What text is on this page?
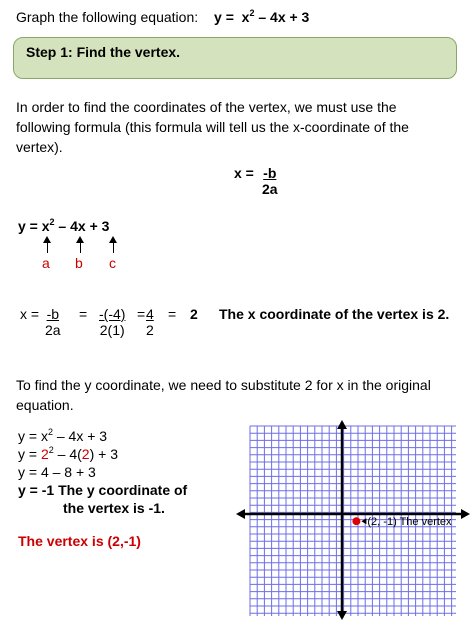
Graph the following equation: $y = x^2 - 4x + 3$
Step 1: Find the vertex.
In order to find the coordinates of the vertex, we must use the
following formula (this formula will tell us the x-coordinate of the
vertex).
$x = \frac{-b}{2a}$
$y = x^2 - 4x + 3$
a b c
$x = \frac{-b}{2a} = \frac{-(-4)}{2(1)} = \frac{4}{2} = 2$ The x coordinate of the vertex is 2.
To find the y coordinate, we need to substitute 2 for x in the original
equation.
$y = x^2 - 4x + 3$
$y = 2^2 - 4(2) + 3$
y = 4 – 8 + 3
y = -1 The y coordinate of
the vertex is -1.
The vertex is (2,-1)
(2, -1) The vertex
